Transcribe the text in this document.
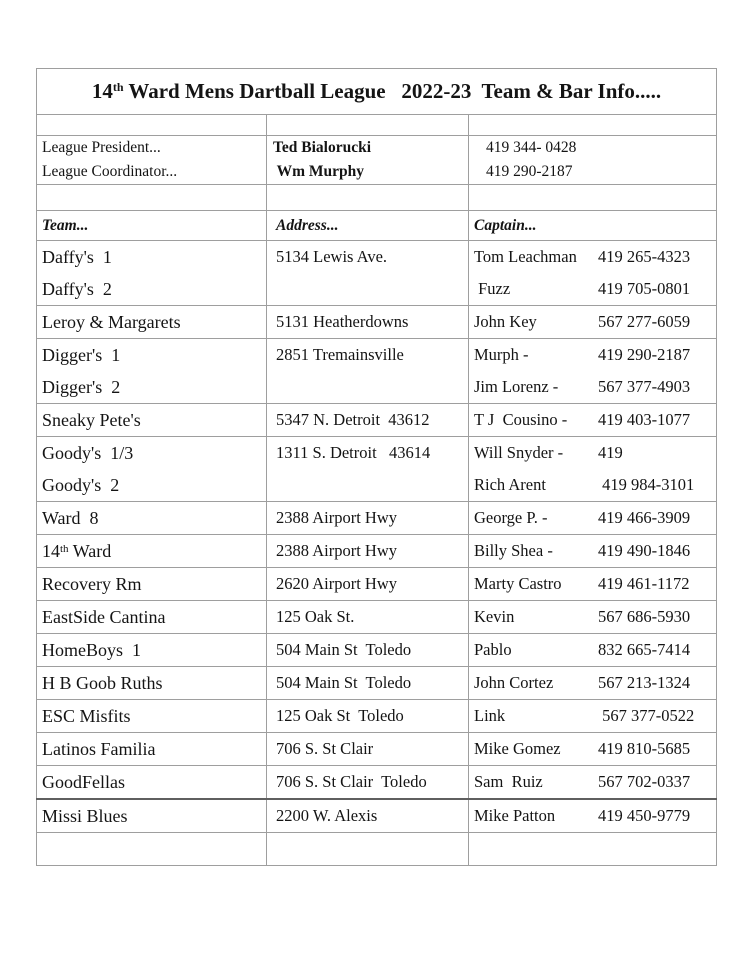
14th Ward Mens Dartball League   2022-23  Team & Bar Info.....		

League President...	Ted Bialorucki	419 344- 0428
League Coordinator...	Wm Murphy	419 290-2187

Team...	Address...	Captain...
Daffy's  1	5134 Lewis Ave.	Tom Leachman 419 265-4323

Daffy's  2		Fuzz 419 705-0801

Leroy & Margarets	5131 Heatherdowns	John Key 567 277-6059

Digger's  1	2851 Tremainsville	Murph - 419 290-2187

Digger's  2		Jim Lorenz - 567 377-4903

Sneaky Pete's	5347 N. Detroit  43612	T J  Cousino - 419 403-1077

Goody's  1/3	1311 S. Detroit   43614	Will Snyder - 419

Goody's  2		Rich Arent 419 984-3101

Ward  8	2388 Airport Hwy	George P. - 419 466-3909

14th Ward	2388 Airport Hwy	Billy Shea - 419 490-1846

Recovery Rm	2620 Airport Hwy	Marty Castro 419 461-1172

EastSide Cantina	125 Oak St.	Kevin 567 686-5930

HomeBoys  1	504 Main St  Toledo	Pablo 832 665-7414

H B Goob Ruths	504 Main St  Toledo	John Cortez 567 213-1324

ESC Misfits	125 Oak St  Toledo	Link 567 377-0522

Latinos Familia	706 S. St Clair	Mike Gomez 419 810-5685

GoodFellas	706 S. St Clair  Toledo	Sam  Ruiz 567 702-0337

Missi Blues	2200 W. Alexis	Mike Patton 419 450-9779
